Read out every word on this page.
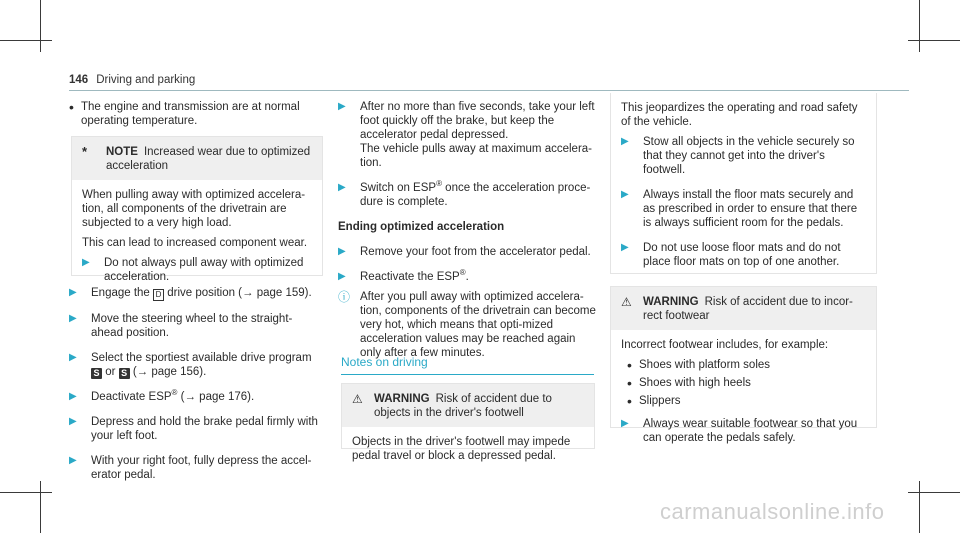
146 Driving and parking
• The engine and transmission are at normal operating temperature.
*	NOTE Increased wear due to optimized acceleration

When pulling away with optimized accelera-tion, all components of the drivetrain are subjected to a very high load.

This can lead to increased component wear.

▶	Do not always pull away with optimized acceleration.
▶	Engage the D drive position (→ page 159).
▶	Move the steering wheel to the straight-ahead position.
▶	Select the sportiest available drive program S or S (→ page 156).
▶	Deactivate ESP® (→ page 176).
▶	Depress and hold the brake pedal firmly with your left foot.
▶	With your right foot, fully depress the accel-erator pedal.
▶	After no more than five seconds, take your left foot quickly off the brake, but keep the accelerator pedal depressed.
The vehicle pulls away at maximum accelera-tion.
▶	Switch on ESP® once the acceleration proce-dure is complete.
Ending optimized acceleration
▶	Remove your foot from the accelerator pedal.
▶	Reactivate the ESP®.
ⓘ After you pull away with optimized accelera-tion, components of the drivetrain can become very hot, which means that opti-mized acceleration values may be reached again only after a few minutes.
Notes on driving
⚠ WARNING Risk of accident due to objects in the driver's footwell
Objects in the driver's footwell may impede pedal travel or block a depressed pedal.

This jeopardizes the operating and road safety of the vehicle.

▶	Stow all objects in the vehicle securely so that they cannot get into the driver's footwell.
▶	Always install the floor mats securely and as prescribed in order to ensure that there is always sufficient room for the pedals.
▶	Do not use loose floor mats and do not place floor mats on top of one another.
⚠ WARNING Risk of accident due to incor-rect footwear

Incorrect footwear includes, for example:

• Shoes with platform soles
• Shoes with high heels
• Slippers
▶	Always wear suitable footwear so that you can operate the pedals safely.
carmanualsonline.info
